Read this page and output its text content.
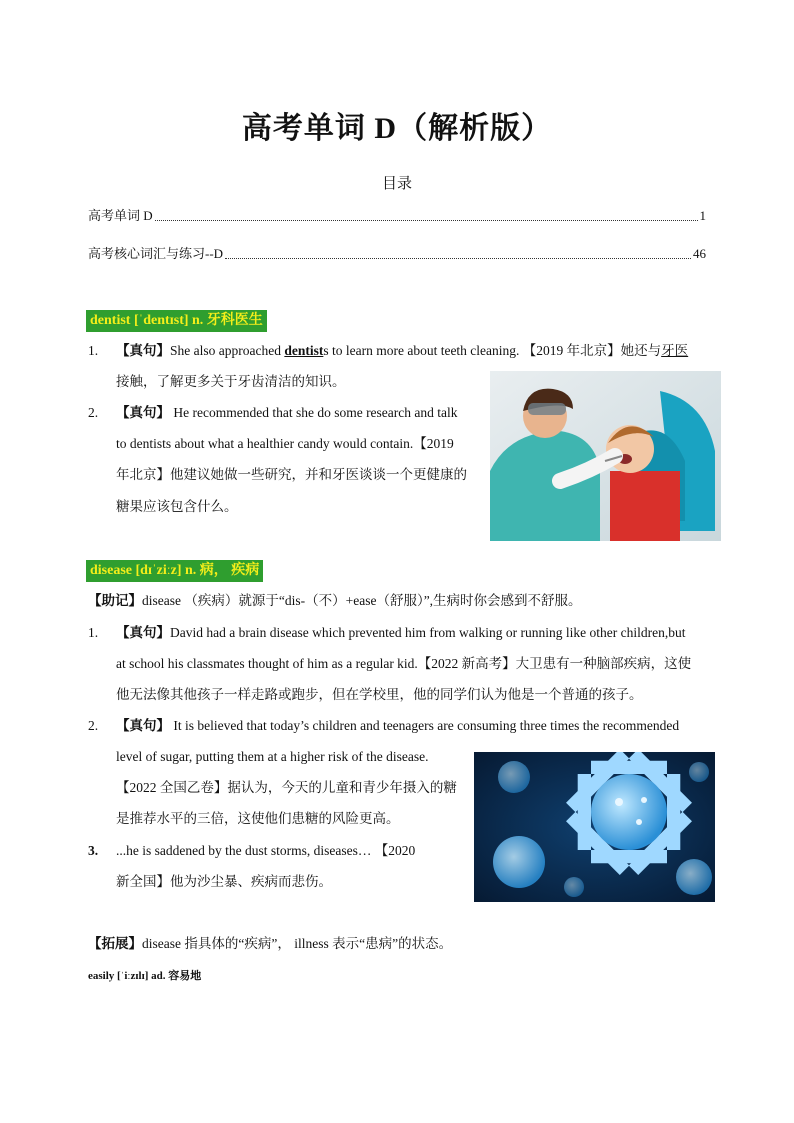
高考单词 D（解析版）
目录
高考单词 D	1
高考核心词汇与练习--D	46
dentist [ˈdentɪst] n. 牙科医生
1. 【真句】She also approached dentists to learn more about teeth cleaning. 【2019 年北京】她还与牙医
接触，了解更多关于牙齿清洁的知识。
2. 【真句】 He recommended that she do some research and talk
to dentists about what a healthier candy would contain.【2019
年北京】他建议她做一些研究，并和牙医谈谈一个更健康的
糖果应该包含什么。
disease [dɪˈziːz] n. 病， 疾病
【助记】disease （疾病）就源于“dis-（不）+ease（舒服）”,生病时你会感到不舒服。
1. 【真句】David had a brain disease which prevented him from walking or running like other children,but
at school his classmates thought of him as a regular kid.【2022 新高考】大卫患有一种脑部疾病，这使
他无法像其他孩子一样走路或跑步，但在学校里，他的同学们认为他是一个普通的孩子。
2. 【真句】 It is believed that today’s children and teenagers are consuming three times the recommended
level of sugar, putting them at a higher risk of the disease.
【2022 全国乙卷】据认为，今天的儿童和青少年摄入的糖
是推荐水平的三倍，这使他们患糖的风险更高。
3. ...he is saddened by the dust storms, diseases… 【2020
新全国】他为沙尘暴、疾病而悲伤。
【拓展】disease 指具体的“疾病”， illness 表示“患病”的状态。
easily [ˈiːzɪlɪ] ad. 容易地
